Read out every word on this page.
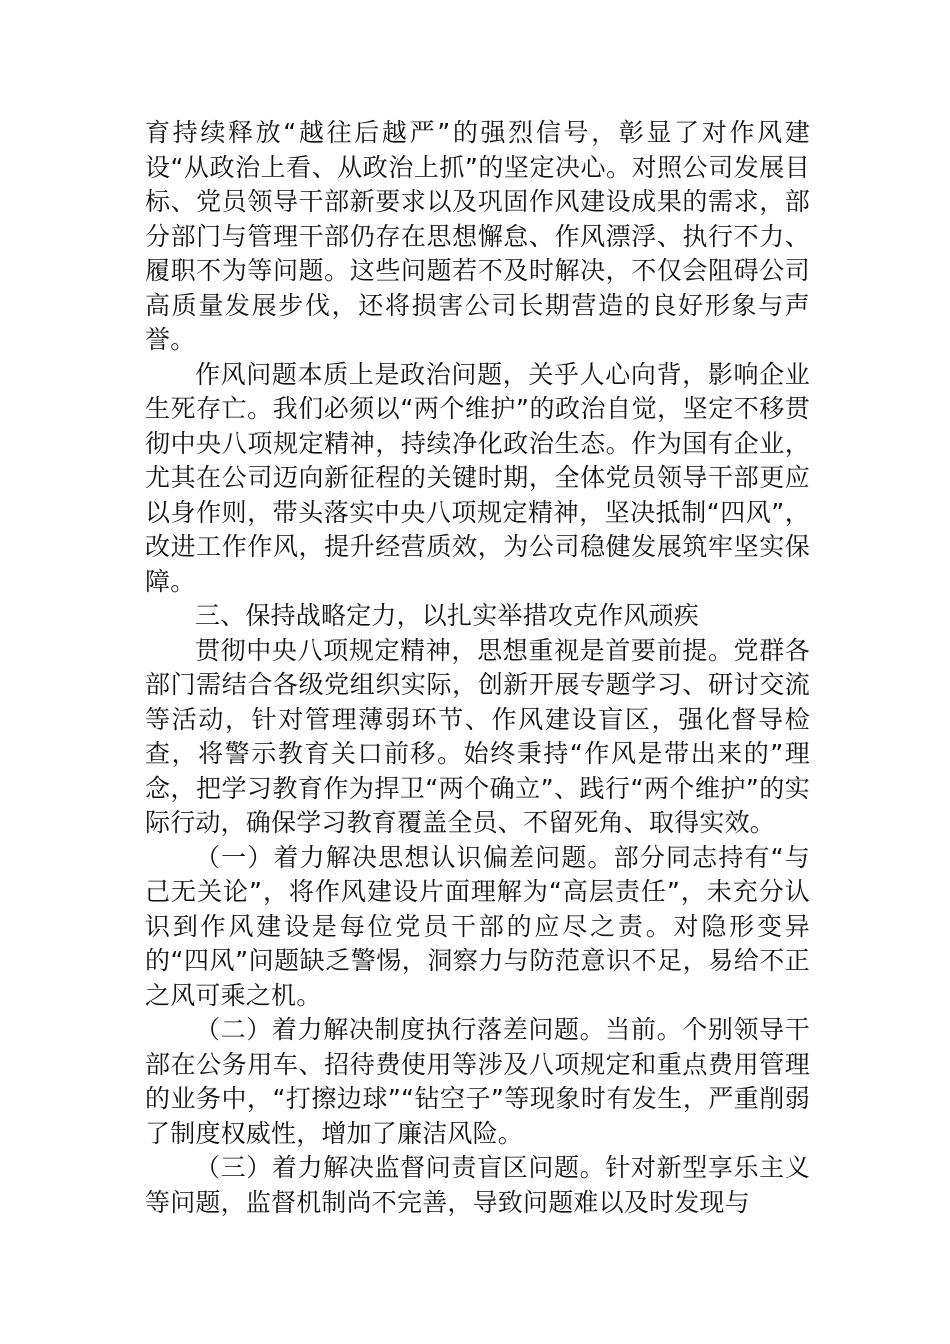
育持续释放“越往后越严”的强烈信号，彰显了对作风建设“从政治上看、从政治上抓”的坚定决心。对照公司发展目标、党员领导干部新要求以及巩固作风建设成果的需求，部分部门与管理干部仍存在思想懈怠、作风漂浮、执行不力、履职不为等问题。这些问题若不及时解决，不仅会阻碍公司高质量发展步伐，还将损害公司长期营造的良好形象与声誉。

作风问题本质上是政治问题，关乎人心向背，影响企业生死存亡。我们必须以“两个维护”的政治自觉，坚定不移贯彻中央八项规定精神，持续净化政治生态。作为国有企业，尤其在公司迈向新征程的关键时期，全体党员领导干部更应以身作则，带头落实中央八项规定精神，坚决抵制“四风”，改进工作作风，提升经营质效，为公司稳健发展筑牢坚实保障。

三、保持战略定力，以扎实举措攻克作风顽疾

贯彻中央八项规定精神，思想重视是首要前提。党群各部门需结合各级党组织实际，创新开展专题学习、研讨交流等活动，针对管理薄弱环节、作风建设盲区，强化督导检查，将警示教育关口前移。始终秉持“作风是带出来的”理念，把学习教育作为捍卫“两个确立”、践行“两个维护”的实际行动，确保学习教育覆盖全员、不留死角、取得实效。

（一）着力解决思想认识偏差问题。部分同志持有“与己无关论”，将作风建设片面理解为“高层责任”，未充分认识到作风建设是每位党员干部的应尽之责。对隐形变异的“四风”问题缺乏警惕，洞察力与防范意识不足，易给不正之风可乘之机。

（二）着力解决制度执行落差问题。当前。个别领导干部在公务用车、招待费使用等涉及八项规定和重点费用管理的业务中，“打擦边球”“钻空子”等现象时有发生，严重削弱了制度权威性，增加了廉洁风险。

（三）着力解决监督问责盲区问题。针对新型享乐主义等问题，监督机制尚不完善，导致问题难以及时发现与
